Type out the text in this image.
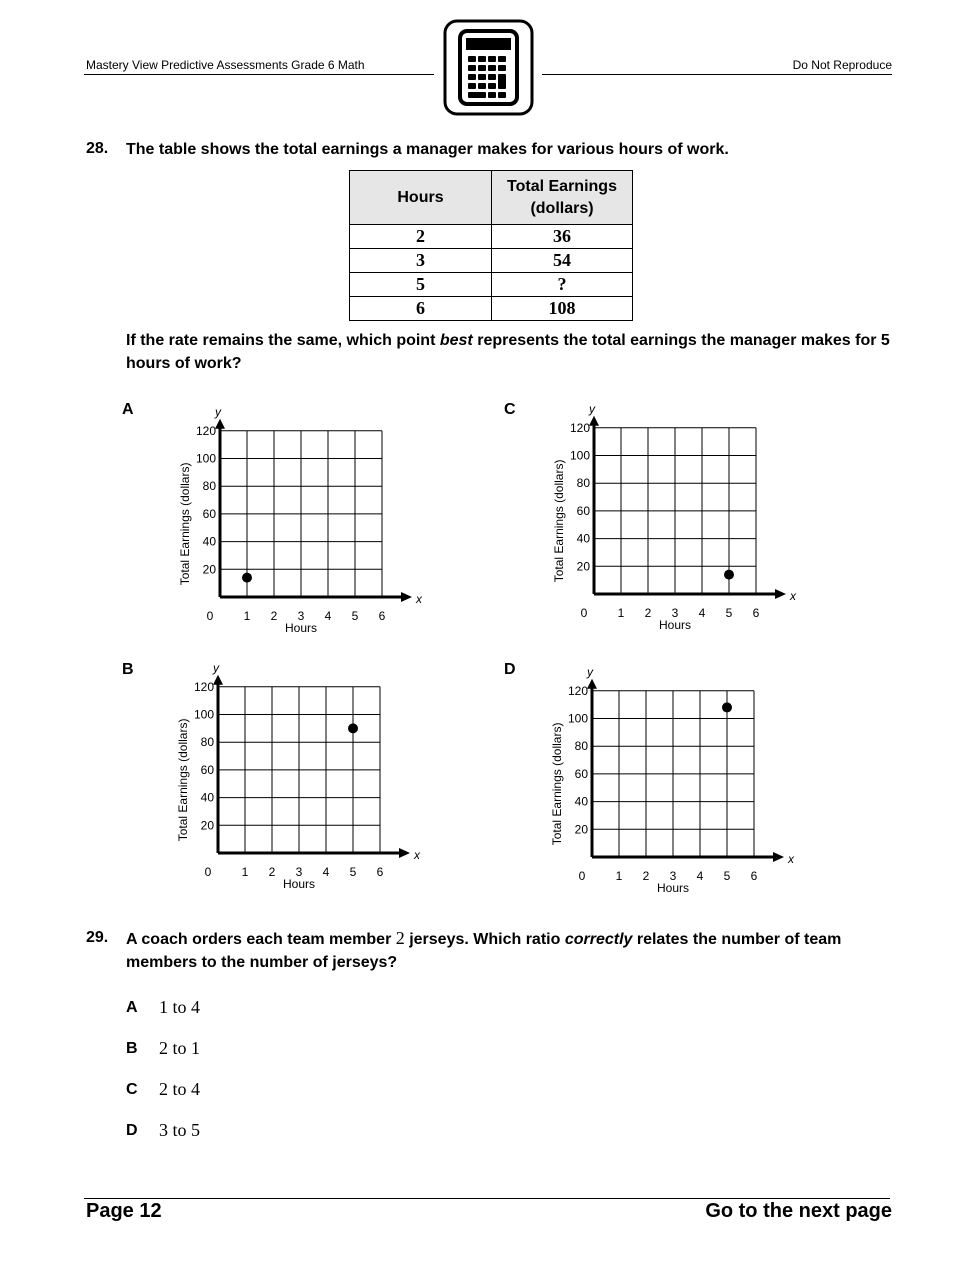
Mastery View Predictive Assessments Grade 6 Math	Do Not Reproduce
28. The table shows the total earnings a manager makes for various hours of work.
Hours	Total Earnings
(dollars)
2	36
3	54
5	?
6	108
If the rate remains the same, which point best represents the total earnings the manager makes for 5 hours of work?
A	C
B	D
x
y
0	1 2 3 4 5 6
20
40
60
80
100
120
Hours
Total Earnings (dollars)
x
y
0	1 2 3 4 5 6
20
40
60
80
100
120
Hours
Total Earnings (dollars)
x
y
0	1 2 3 4 5 6
20
40
60
80
100
120
Hours
Total Earnings (dollars)
x
y
0	1 2 3 4 5 6
20
40
60
80
100
120
Hours
Total Earnings (dollars)
29. A coach orders each team member 2 jerseys. Which ratio correctly relates the number of team members to the number of jerseys?
A 1 to 4
B 2 to 1
C 2 to 4
D 3 to 5
Page 12	Go to the next page
